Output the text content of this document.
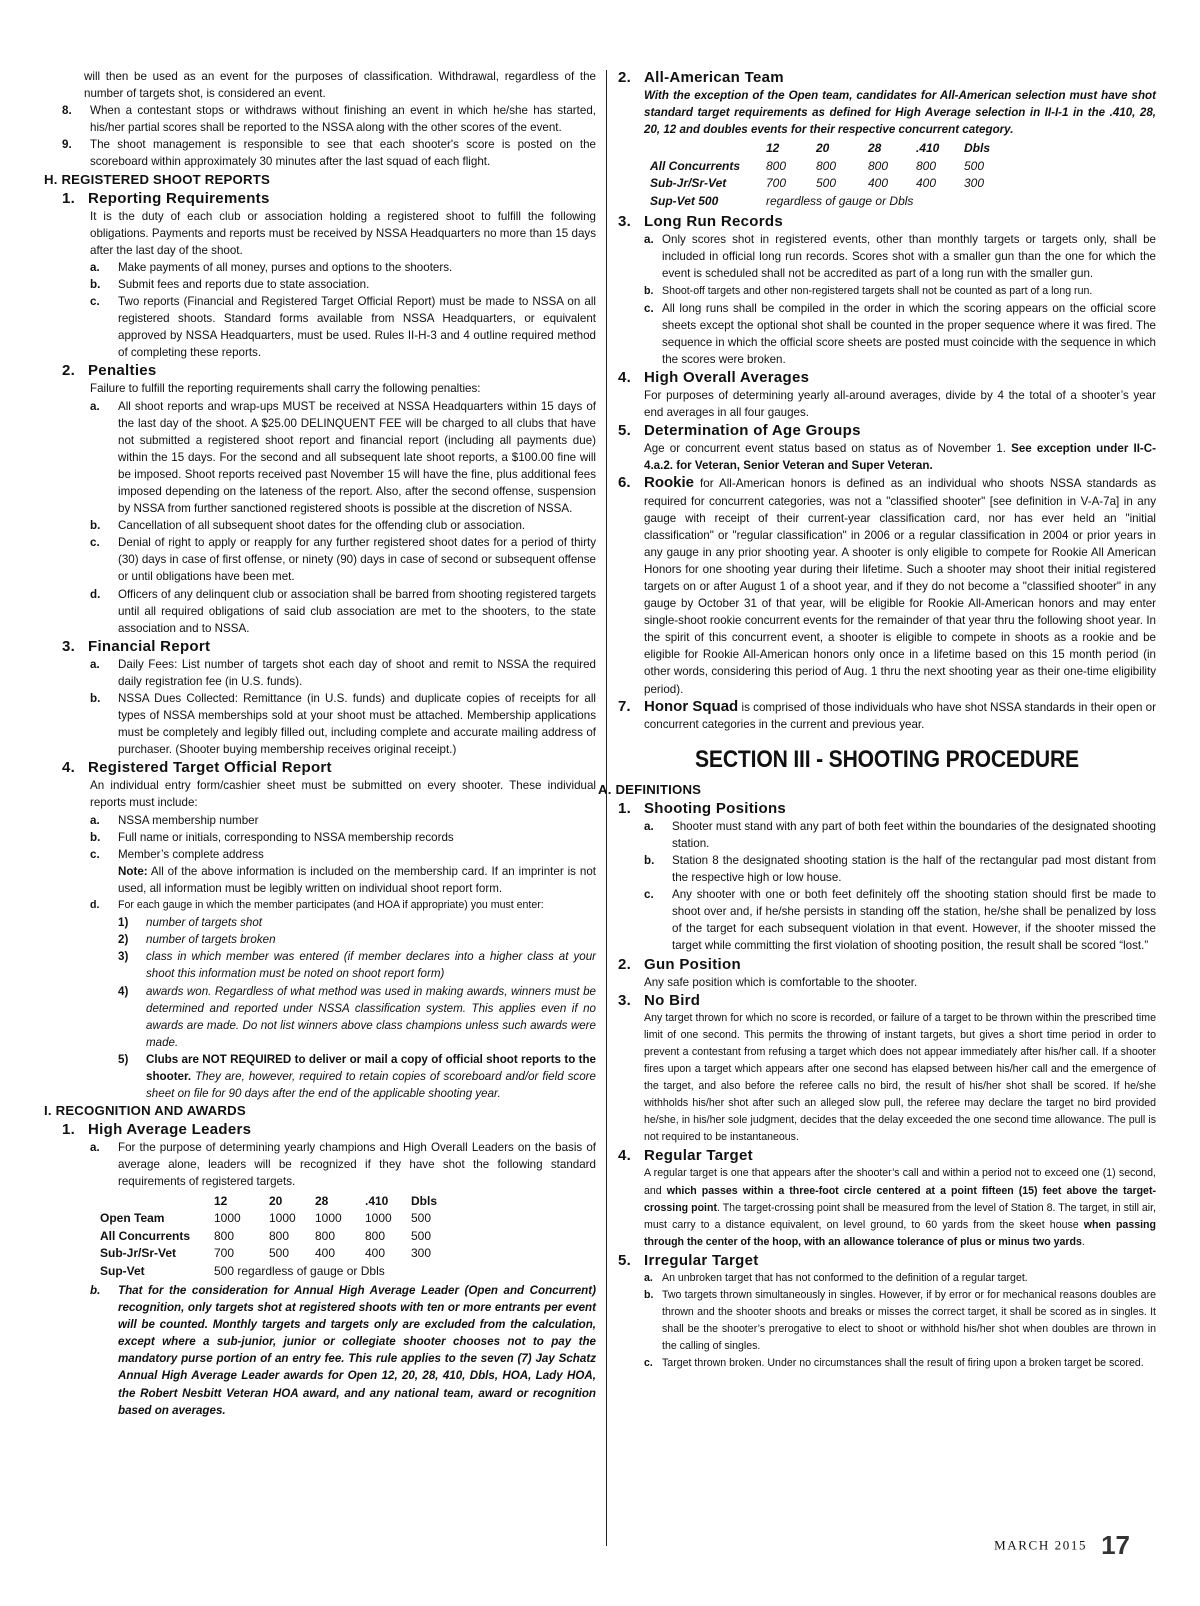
will then be used as an event for the purposes of classification. Withdrawal, regardless of the number of targets shot, is considered an event.

8.	When a contestant stops or withdraws without finishing an event in which he/she has started, his/her partial scores shall be reported to the NSSA along with the other scores of the event.
9.	The shoot management is responsible to see that each shooter's score is posted on the scoreboard within approximately 30 minutes after the last squad of each flight.
H. REGISTERED SHOOT REPORTS
1. Reporting Requirements

It is the duty of each club or association holding a registered shoot to fulfill the following obligations. Payments and reports must be received by NSSA Headquarters no more than 15 days after the last day of the shoot.

a.	Make payments of all money, purses and options to the shooters.
b.	Submit fees and reports due to state association.
c.	Two reports (Financial and Registered Target Official Report) must be made to NSSA on all registered shoots. Standard forms available from NSSA Headquarters, or equivalent approved by NSSA Headquarters, must be used. Rules II-H-3 and 4 outline required method of completing these reports.
2. Penalties

Failure to fulfill the reporting requirements shall carry the following penalties:

a.	All shoot reports and wrap-ups MUST be received at NSSA Headquarters within 15 days of the last day of the shoot. A $25.00 DELINQUENT FEE will be charged to all clubs that have not submitted a registered shoot report and financial report (including all payments due) within the 15 days. For the second and all subsequent late shoot reports, a $100.00 fine will be imposed. Shoot reports received past November 15 will have the fine, plus additional fees imposed depending on the lateness of the report. Also, after the second offense, suspension by NSSA from further sanctioned registered shoots is possible at the discretion of NSSA.
b.	Cancellation of all subsequent shoot dates for the offending club or association.
c.	Denial of right to apply or reapply for any further registered shoot dates for a period of thirty (30) days in case of first offense, or ninety (90) days in case of second or subsequent offense or until obligations have been met.
d.	Officers of any delinquent club or association shall be barred from shooting registered targets until all required obligations of said club association are met to the shooters, to the state association and to NSSA.
3. Financial Report
a.	Daily Fees: List number of targets shot each day of shoot and remit to NSSA the required daily registration fee (in U.S. funds).
b.	NSSA Dues Collected: Remittance (in U.S. funds) and duplicate copies of receipts for all types of NSSA memberships sold at your shoot must be attached. Membership applications must be completely and legibly filled out, including complete and accurate mailing address of purchaser. (Shooter buying membership receives original receipt.)
4. Registered Target Official Report

An individual entry form/cashier sheet must be submitted on every shooter. These individual reports must include:

a.	NSSA membership number
b.	Full name or initials, corresponding to NSSA membership records
c.	Member’s complete address

Note: All of the above information is included on the membership card. If an imprinter is not used, all information must be legibly written on individual shoot report form.

d.	For each gauge in which the member participates (and HOA if appropriate) you must enter:
1)	number of targets shot
2)	number of targets broken
3)	class in which member was entered (if member declares into a higher class at your shoot this information must be noted on shoot report form)
4)	awards won. Regardless of what method was used in making awards, winners must be determined and reported under NSSA classification system. This applies even if no awards are made. Do not list winners above class champions unless such awards were made.
5)	Clubs are NOT REQUIRED to deliver or mail a copy of official shoot reports to the shooter. They are, however, required to retain copies of scoreboard and/or field score sheet on file for 90 days after the end of the applicable shooting year.
I. RECOGNITION AND AWARDS
1. High Average Leaders
a.	For the purpose of determining yearly champions and High Overall Leaders on the basis of average alone, leaders will be recognized if they have shot the following standard requirements of registered targets.
	12	20	28	.410	Dbls
Open Team	1000	1000	1000	1000	500
All Concurrents	800	800	800	800	500
Sub-Jr/Sr-Vet	700	500	400	400	300
Sup-Vet	500 regardless of gauge or Dbls				
b.	That for the consideration for Annual High Average Leader (Open and Concurrent) recognition, only targets shot at registered shoots with ten or more entrants per event will be counted. Monthly targets and targets only are excluded from the calculation, except where a sub-junior, junior or collegiate shooter chooses not to pay the mandatory purse portion of an entry fee. This rule applies to the seven (7) Jay Schatz Annual High Average Leader awards for Open 12, 20, 28, 410, Dbls, HOA, Lady HOA, the Robert Nesbitt Veteran HOA award, and any national team, award or recognition based on averages.
2. All-American Team

With the exception of the Open team, candidates for All-American selection must have shot standard target requirements as defined for High Average selection in II-I-1 in the .410, 28, 20, 12 and doubles events for their respective concurrent category.

	12	20	28	.410	Dbls
All Concurrents	800	800	800	800	500
Sub-Jr/Sr-Vet	700	500	400	400	300
Sup-Vet 500	regardless of gauge or Dbls				
3. Long Run Records
a. Only scores shot in registered events, other than monthly targets or targets only, shall be included in official long run records. Scores shot with a smaller gun than the one for which the event is scheduled shall not be accredited as part of a long run with the smaller gun.
b. Shoot-off targets and other non-registered targets shall not be counted as part of a long run.
c. All long runs shall be compiled in the order in which the scoring appears on the official score sheets except the optional shot shall be counted in the proper sequence where it was fired. The sequence in which the official score sheets are posted must coincide with the sequence in which the scores were broken.
4. High Overall Averages

For purposes of determining yearly all-around averages, divide by 4 the total of a shooter’s year end averages in all four gauges.

5. Determination of Age Groups

Age or concurrent event status based on status as of November 1. See exception under II-C-4.a.2. for Veteran, Senior Veteran and Super Veteran.

6. Rookie for All-American honors is defined as an individual who shoots NSSA standards as required for concurrent categories, was not a "classified shooter" [see definition in V-A-7a] in any gauge with receipt of their current-year classification card, nor has ever held an "initial classification" or "regular classification" in 2006 or a regular classification in 2004 or prior years in any gauge in any prior shooting year. A shooter is only eligible to compete for Rookie All American Honors for one shooting year during their lifetime. Such a shooter may shoot their initial registered targets on or after August 1 of a shoot year, and if they do not become a "classified shooter" in any gauge by October 31 of that year, will be eligible for Rookie All-American honors and may enter single-shoot rookie concurrent events for the remainder of that year thru the following shoot year. In the spirit of this concurrent event, a shooter is eligible to compete in shoots as a rookie and be eligible for Rookie All-American honors only once in a lifetime based on this 15 month period (in other words, considering this period of Aug. 1 thru the next shooting year as their one-time eligibility period).
7. Honor Squad is comprised of those individuals who have shot NSSA standards in their open or concurrent categories in the current and previous year.
SECTION III - SHOOTING PROCEDURE
A. DEFINITIONS
1. Shooting Positions
a.	Shooter must stand with any part of both feet within the boundaries of the designated shooting station.
b.	Station 8 the designated shooting station is the half of the rectangular pad most distant from the respective high or low house.
c.	Any shooter with one or both feet definitely off the shooting station should first be made to shoot over and, if he/she persists in standing off the station, he/she shall be penalized by loss of the target for each subsequent violation in that event. However, if the shooter missed the target while committing the first violation of shooting position, the result shall be scored “lost.”
2. Gun Position

Any safe position which is comfortable to the shooter.

3. No Bird

Any target thrown for which no score is recorded, or failure of a target to be thrown within the prescribed time limit of one second. This permits the throwing of instant targets, but gives a short time period in order to prevent a contestant from refusing a target which does not appear immediately after his/her call. If a shooter fires upon a target which appears after one second has elapsed between his/her call and the emergence of the target, and also before the referee calls no bird, the result of his/her shot shall be scored. If he/she withholds his/her shot after such an alleged slow pull, the referee may declare the target no bird provided he/she, in his/her sole judgment, decides that the delay exceeded the one second time allowance. The pull is not required to be instantaneous.

4. Regular Target

A regular target is one that appears after the shooter’s call and within a period not to exceed one (1) second, and which passes within a three-foot circle centered at a point fifteen (15) feet above the target-crossing point. The target-crossing point shall be measured from the level of Station 8. The target, in still air, must carry to a distance equivalent, on level ground, to 60 yards from the skeet house when passing through the center of the hoop, with an allowance tolerance of plus or minus two yards.

5. Irregular Target
a. An unbroken target that has not conformed to the definition of a regular target.
b. Two targets thrown simultaneously in singles. However, if by error or for mechanical reasons doubles are thrown and the shooter shoots and breaks or misses the correct target, it shall be scored as in singles. It shall be the shooter’s prerogative to elect to shoot or withhold his/her shot when doubles are thrown in the calling of singles.
c. Target thrown broken. Under no circumstances shall the result of firing upon a broken target be scored.
MARCH 2015 17
